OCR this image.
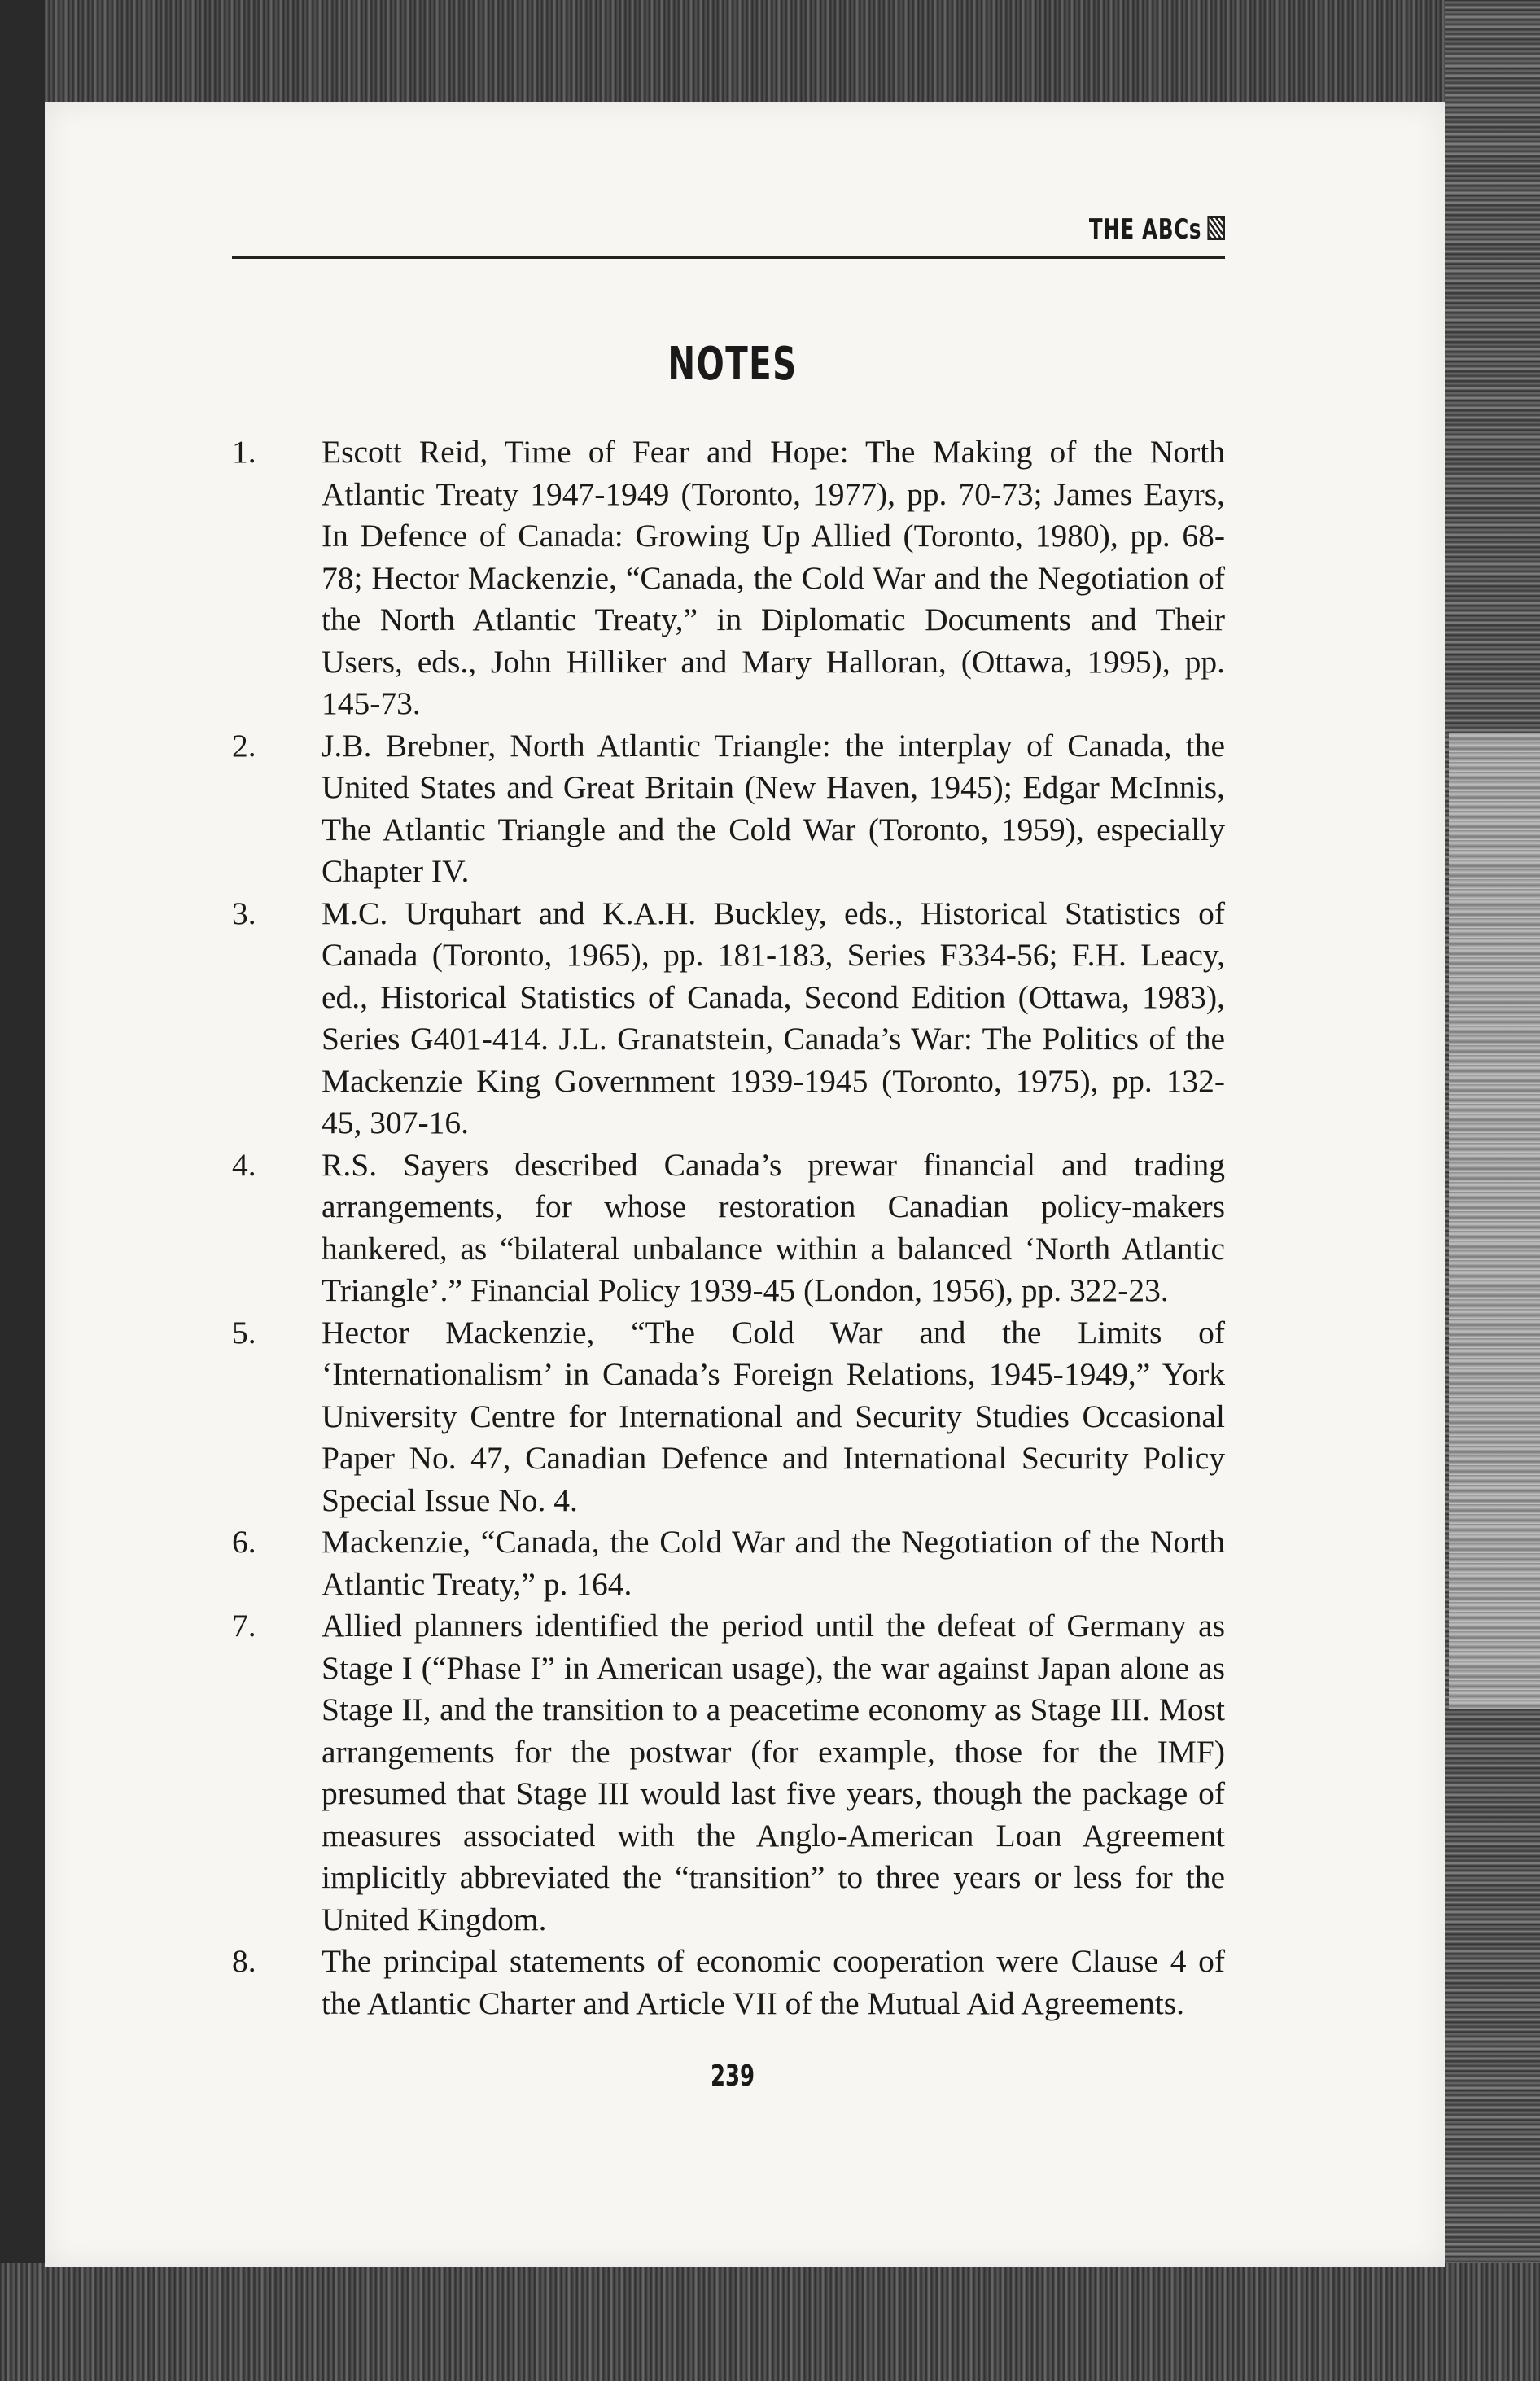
THE ABCs
NOTES
1. Escott Reid, Time of Fear and Hope: The Making of the North Atlantic Treaty 1947-1949 (Toronto, 1977), pp. 70-73; James Eayrs, In Defence of Canada: Growing Up Allied (Toronto, 1980), pp. 68-78; Hector Mackenzie, “Canada, the Cold War and the Negotiation of the North Atlantic Treaty,” in Diplomatic Documents and Their Users, eds., John Hilliker and Mary Halloran, (Ottawa, 1995), pp. 145-73.
2. J.B. Brebner, North Atlantic Triangle: the interplay of Canada, the United States and Great Britain (New Haven, 1945); Edgar McInnis, The Atlantic Triangle and the Cold War (Toronto, 1959), especially Chapter IV.
3. M.C. Urquhart and K.A.H. Buckley, eds., Historical Statistics of Canada (Toronto, 1965), pp. 181-183, Series F334-56; F.H. Leacy, ed., Historical Statistics of Canada, Second Edition (Ottawa, 1983), Series G401-414. J.L. Granatstein, Canada’s War: The Politics of the Mackenzie King Government 1939-1945 (Toronto, 1975), pp. 132-45, 307-16.
4. R.S. Sayers described Canada’s prewar financial and trading arrangements, for whose restoration Canadian policy-makers hankered, as “bilateral unbalance within a balanced ‘North Atlantic Triangle’.” Financial Policy 1939-45 (London, 1956), pp. 322-23.
5. Hector Mackenzie, “The Cold War and the Limits of ‘Internationalism’ in Canada’s Foreign Relations, 1945-1949,” York University Centre for International and Security Studies Occasional Paper No. 47, Canadian Defence and International Security Policy Special Issue No. 4.
6. Mackenzie, “Canada, the Cold War and the Negotiation of the North Atlantic Treaty,” p. 164.
7. Allied planners identified the period until the defeat of Germany as Stage I (“Phase I” in American usage), the war against Japan alone as Stage II, and the transition to a peacetime economy as Stage III. Most arrangements for the postwar (for example, those for the IMF) presumed that Stage III would last five years, though the package of measures associated with the Anglo-American Loan Agreement implicitly abbreviated the “transition” to three years or less for the United Kingdom.
8. The principal statements of economic cooperation were Clause 4 of the Atlantic Charter and Article VII of the Mutual Aid Agreements.
239
